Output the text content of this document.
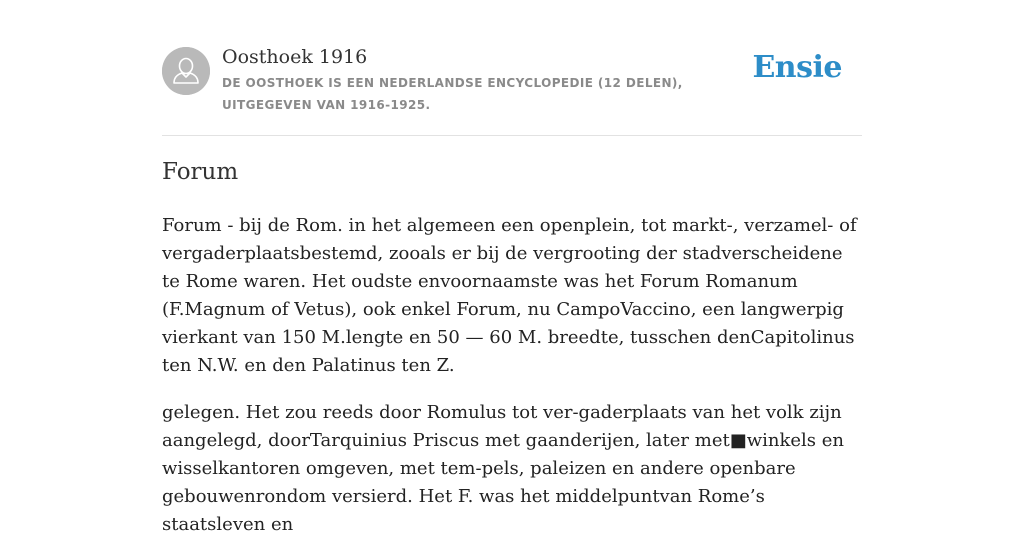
Oosthoek 1916
DE OOSTHOEK IS EEN NEDERLANDSE ENCYCLOPEDIE (12 DELEN), UITGEGEVEN VAN 1916-1925.
Ensie
Forum

Forum - bij de Rom. in het algemeen een openplein, tot markt-, verzamel- of vergaderplaatsbestemd, zooals er bij de vergrooting der stadverscheidene te Rome waren. Het oudste envoornaamste was het Forum Romanum (F.Magnum of Vetus), ook enkel Forum, nu CampoVaccino, een langwerpig vierkant van 150 M.lengte en 50 — 60 M. breedte, tusschen denCapitolinus ten N.W. en den Palatinus ten Z.

gelegen. Het zou reeds door Romulus tot ver-gaderplaats van het volk zijn aangelegd, doorTarquinius Priscus met gaanderijen, later met■winkels en wisselkantoren omgeven, met tem-pels, paleizen en andere openbare gebouwenrondom versierd. Het F. was het middelpuntvan Rome’s staatsleven en
